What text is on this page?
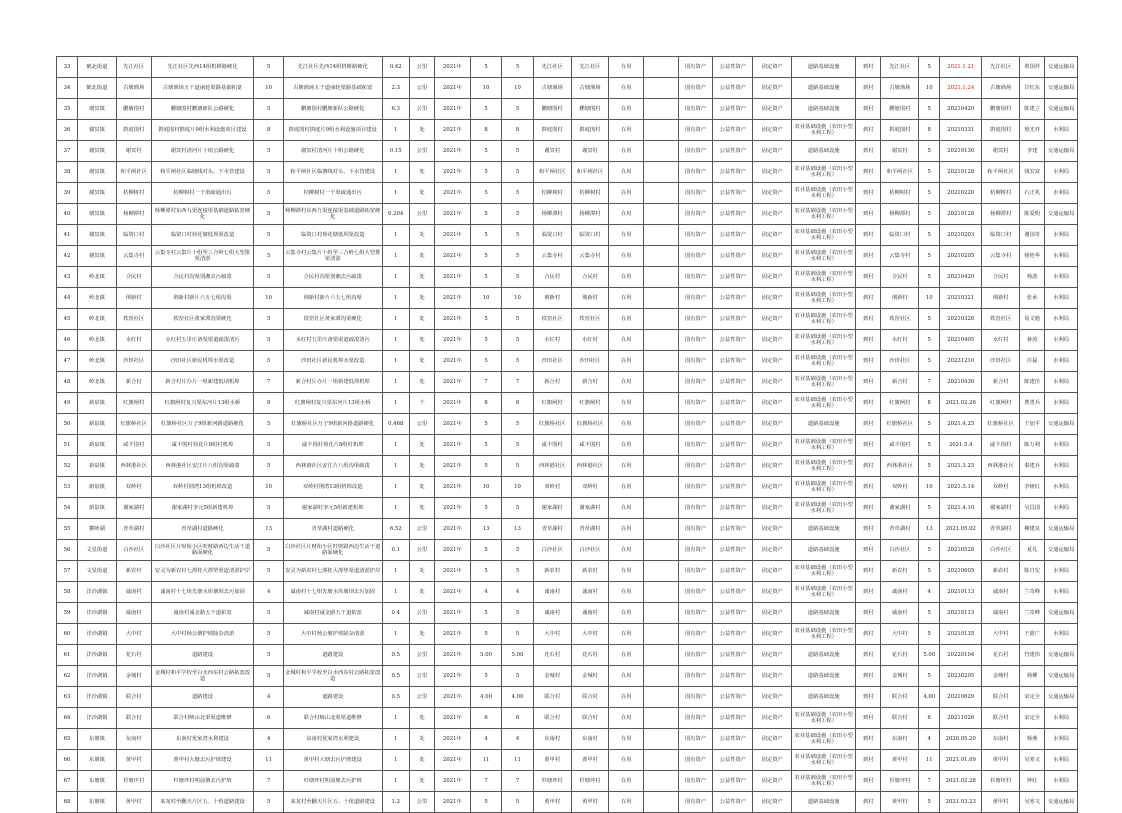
33	鹤北街道	先江社区	先江社区先西14组机耕路硬化	5	先江社区先西14组机耕路硬化	0.42	公里	2021年	5	5	先江社区	先江社区	在用		国有资产	公益性资产	固定资产	道路基础设施	到村	先江社区	5	2021.1.21	先江社区	黄国祥	交通运输局
34	鹤北街道	古塘渔场	古塘渔场五干道丽轮渠路基础拓宽	10	古塘渔场五干道丽轮渠路基础拓宽	2.3	公里	2021年	10	10	古塘渔场	古塘渔场	在用		国有资产	公益性资产	固定资产	道路基础设施	到村	古塘渔场	10	2021.1.24	古塘渔场	甘红东	交通运输局
35	谢冥镇	鹏塘围村	鹏塘围村鹏塘新队公路硬化	5	鹏塘围村鹏塘新队公路硬化	6.3	公里	2021年	5	5	鹏塘围村	鹏塘围村	在用		国有资产	公益性资产	固定资产	道路基础设施	到村	鹏塘围村	5	20210420	鹏塘围村	陈建立	交通运输局
36	谢冥镇	斟庭围村	斟庭围村斟庭片9组水利设施项目建设	8	斟庭围村斟庭片9组水利设施项目建设	1	处	2021年	8	8	斟庭围村	斟庭围村	在用		国有资产	公益性资产	固定资产	农业基础设施（农田小型水利工程）	到村	斟庭围村	8	20210331	斟庭围村	敖光祥	水利局
37	谢冥镇	谢冥村	谢冥村清河片十组公路硬化	5	谢冥村清河片十组公路硬化	0.15	公里	2021年	5	5	谢冥村	谢冥村	在用		国有资产	公益性资产	固定资产	道路基础设施	到村	谢冥村	5	20210130	谢冥村	李建	交通运输局
38	谢冥镇	和平闸社区	和平闸社区临塘线对头、下水管建设	5	和平闸社区临塘线对头、下水管建设	1	处	2021年	5	5	和平闸社区	和平闸社区	在用		国有资产	公益性资产	固定资产	农业基础设施（农田小型水利工程）	到村	和平闸社区	5	20210128	和平闸社区	钱宏富	水利局
39	谢冥镇	桔柳树村	桔柳树村一干渠疏通出污	5	桔柳树村一干渠疏通出污	1	处	2021年	5	5	桔柳树村	桔柳树村	在用		国有资产	公益性资产	固定资产	农业基础设施（农田小型水利工程）	到村	桔柳树村	5	20210220	桔柳树村	石正兆	水利局
40	谢冥镇	杨柳潭村	杨柳潭村东西九渠连接渠基础道路拓宽硬化	5	杨柳潭村东西九渠连接渠基础道路拓宽硬化	0.204	公里	2021年	5	5	杨柳潭村	杨柳潭村	在用		国有资产	公益性资产	固定资产	农业基础设施（农田小型水利工程）	到村	杨柳潭村	5	20210128	杨柳潭村	陈爱明	交通运输局
41	谢冥镇	临资口村	临资口村荷花塘低坝渠改造	5	临资口村荷花塘低坝渠改造	1	处	2021年	5	5	临资口村	临资口村	在用		国有资产	公益性资产	固定资产	农业基础设施（农田小型水利工程）	到村	临资口村	5	20210203	临资口村	谢国奇	水利局
42	谢冥镇	云集寺村	云集寺村云集片十组至三合岭七组大型排渠清淤	5	云集寺村云集片十组至三合岭七组大型排渠清淤	1	处	2021年	5	5	云集寺村	云集寺村	在用		国有资产	公益性资产	固定资产	农业基础设施（农田小型水利工程）	到村	云集寺村	5	20210205	云集寺村	杨艳华	水利局
43	岭北镇	合民村	合民村沟渠別湘去污疏浚	5	合民村沟渠別湘去污疏浚	1	处	2021年	5	5	合民村	合民村	在用		国有资产	公益性资产	固定资产	农业基础设施（农田小型水利工程）	到村	合民村	5	20210420	合民村	杨波	水利局
44	岭北镇	荆新村	荆新村新片六五七组沟渠	10	荆新村新片六五七组沟渠	1	处	2021年	10	10	荆新村	荆新村	在用		国有资产	公益性资产	固定资产	农业基础设施（农田小型水利工程）	到村	荆新村	10	20210321	荆新村	张承	水利局
45	岭北镇	铁窑社区	铁窑社区黄家潭沟渠硬化	5	铁窑社区黄家潭沟渠硬化	1	处	2021年	5	5	铁窑社区	铁窑社区	在用		国有资产	公益性资产	固定资产	农业基础设施（农田小型水利工程）	到村	铁窑社区	5	20210326	铁窑社区	易文勉	水利局
46	岭北镇	水红村	水红村五里庄备渠渠道疏浚清污	5	水红村五里庄备渠渠道疏浚清污	1	处	2021年	5	5	水红村	水红村	在用		国有资产	公益性资产	固定资产	农业基础设施（农田小型水利工程）	到村	水红村	5	20210405	水红村	蒋涛	水利局
47	岭北镇	沙田社区	沙田社区新民机埠水渠改造	5	沙田社区新民机埠水渠改造	1	处	2021年	5	5	沙田社区	沙田社区	在用		国有资产	公益性资产	固定资产	农业基础设施（农田小型水利工程）	到村	沙田社区	5	20231210	沙田社区	任磊	水利局
48	岭北镇	新合村	新合村片办片一组新建低坝机埠	7	新合村片办片一组新建低坝机埠	1	处	2021年	7	7	新合村	新合村	在用		国有资产	公益性资产	固定资产	农业基础设施（农田小型水利工程）	到村	新合村	7	20210430	新合村	陈建佳	水利局
49	新泉镇	红旗闸村	红旗闸村复兴渠东河片13组水桥	8	红旗闸村复兴渠东河片13组水桥	1	个	2021年	8	8	红旗闸村	红旗闸村	在用		国有资产	公益性资产	固定资产	农业基础设施（农田小型水利工程）	到村	红旗闸村	8	2021.02.26	红旗闸村	曹勇兵	水利局
50	新泉镇	红旗桥社区	红旗桥社区万子9组新河路道路硬化	5	红旗桥社区万子9组新河路道路硬化	0.468	公里	2021年	5	5	红旗桥社区	红旗桥社区	在用		国有资产	公益性资产	固定资产	道路基础设施	到村	红旗桥社区	5	2021.4.25	红旗桥社区	王加平	交通运输局
51	新泉镇	咸丰围村	咸丰围村荷花片8组村机埠	5	咸丰围村荷花片8组村机埠	1	处	2021年	5	5	咸丰围村	咸丰围村	在用		国有资产	公益性资产	固定资产	农业基础设施（农田小型水利工程）	到村	咸丰围村	5	2021.5.4	咸丰围村	陈万利	水利局
52	新泉镇	西林港社区	西林港社区安江片八组沟渠疏浚	5	西林港社区安江片八组沟渠疏浚	1	处	2021年	5	5	西林港社区	西林港社区	在用		国有资产	公益性资产	固定资产	农业基础设施（农田小型水利工程）	到村	西林港社区	5	2021.3.25	西林港社区	秦建兵	水利局
53	新泉镇	双岭村	双岭村荆湾13组机埠改造	10	双岭村荆湾13组机埠改造	1	处	2021年	10	10	双岭村	双岭村	在用		国有资产	公益性资产	固定资产	农业基础设施（农田小型水利工程）	到村	双岭村	10	2021.3.14	双岭村	李树红	水利局
54	新泉镇	谢家湖村	谢家湖村李元5组新建机埠	5	谢家湖村李元5组新建机埠	1	处	2021年	5	5	谢家湖村	谢家湖村	在用		国有资产	公益性资产	固定资产	农业基础设施（农田小型水利工程）	到村	谢家湖村	5	2021.4.10	谢家湖村	吴昌国	水利局
55	横岭湖	青草湖村	青草湖村道路硬化	13	青草湖村道路硬化	6.52	公里	2021年	13	13	青草湖村	青草湖村	在用		国有资产	公益性资产	固定资产	道路基础设施	到村	青草湖村	13	2021.05.02	青草湖村	柳建良	交通运输局
56	文星街道	白沙社区	白沙社区片财衔小区旺财路西边生活干道路面硬化	5	白沙社区片财衔小区旺财路西边生活干道路面硬化	0.1	公里	2021年	5	5	白沙社区	白沙社区	在用		国有资产	公益性资产	固定资产	道路基础设施	到村	白沙社区	5	20210528	白沙社区	夏礼	交通运输局
57	文星街道	新农村	安灵为新农村七潭桂大潭垫渠道清淤护岸	5	安灵为新农村七潭桂大潭垫渠道清淤护岸	1	处	2021年	5	5	新农村	新农村	在用		国有资产	公益性资产	固定资产	农业基础设施（农田小型水利工程）	到村	新农村	5	20210605	新农村	陈自宏	水利局
58	洋沙湖镇	诚南村	诚南村十七组先塘水库塘坝去污加固	4	诚南村十七组先塘水库塘坝去污加固	1	处	2021年	4	4	诚南村	诚南村	在用		国有资产	公益性资产	固定资产	农业基础设施（农田小型水利工程）	到村	诚南村	4	20210113	诚南村	兰奇峰	水利局
59	洋沙湖镇	诚南村	诚南村诚金路五干道拓宽	5	诚南村诚金路五干道拓宽	0.4	公里	2021年	5	5	诚南村	诚南村	在用		国有资产	公益性资产	固定资产	道路基础设施	到村	诚南村	5	20210113	诚南村	兰奇峰	交通运输局
60	洋沙湖镇	大中村	大中村杨公塘护坡除杂清淤	5	大中村杨公塘护坡除杂清淤	1	处	2021年	5	5	大中村	大中村	在用		国有资产	公益性资产	固定资产	农业基础设施（农田小型水利工程）	到村	大中村	5	20210135	大中村	王银广	水利局
61	洋沙湖镇	花石村	道路建设	5	道路建设	0.5	公里	2021年	5.00	5.00	花石村	花石村	在用		国有资产	公益性资产	固定资产	道路基础设施	到村	花石村	5.00	20220104	花石村	符建伟	交通运输局
62	洋沙湖镇	金城村	金城村和平学校至白水西东村公路拓宽改造	5	金城村和平学校至白水西东村公路拓宽改造	0.5	公里	2021年	5	5	金城村	金城村	在用		国有资产	公益性资产	固定资产	道路基础设施	到村	金城村	5	20230205	金城村	杨柳	交通运输局
63	洋沙湖镇	联合村	道路建设	4	道路建设	0.5	公里	2021年	4.00	4.00	联合村	联合村	在用		国有资产	公益性资产	固定资产	道路基础设施	到村	联合村	4.00	20210629	联合村	宋定全	交通运输局
64	洋沙湖镇	联合村	联合村峡山北渠渠道维修	6	联合村峡山北渠渠道维修	1	处	2021年	6	6	联合村	联合村	在用		国有资产	公益性资产	固定资产	农业基础设施（农田小型水利工程）	到村	联合村	6	20211026	联合村	宋定全	水利局
65	东塘镇	东南村	东南村优家湾水利建设	4	东南村优家湾水利建设	1	处	2021年	4	4	东南村	东南村	在用		国有资产	公益性资产	固定资产	农业基础设施（农田小型水利工程）	到村	东南村	4	2020.05.20	东南村	杨燕	水利局
66	东塘镇	黄甲村	黄甲村大塘去污护坡建设	11	黄甲村大塘去污护坡建设	1	处	2021年	11	11	黄甲村	黄甲村	在用		国有资产	公益性资产	固定资产	农业基础设施（农田小型水利工程）	到村	黄甲村	11	2021.01.09	黄甲村	吴寒文	水利局
67	东塘镇	杉塘坪村	杉塘坪村明前塘去污护坡	7	杉塘坪村明前塘去污护坡	1	处	2021年	7	7	杉塘坪村	杉塘坪村	在用		国有资产	公益性资产	固定资产	农业基础设施（农田小型水利工程）	到村	杉塘坪村	7	2021.02.28	杉塘坪村	钟红	水利局
68	东塘镇	黄甲村	来龙村至翻天片区五、十组道路建设	5	来龙村至翻天片区五、十组道路建设	1.2	公里	2021年	5	5	黄甲村	黄甲村	在用		国有资产	公益性资产	固定资产	道路基础设施	到村	黄甲村	5	2021.03.23	黄甲村	吴寒文	交通运输局
